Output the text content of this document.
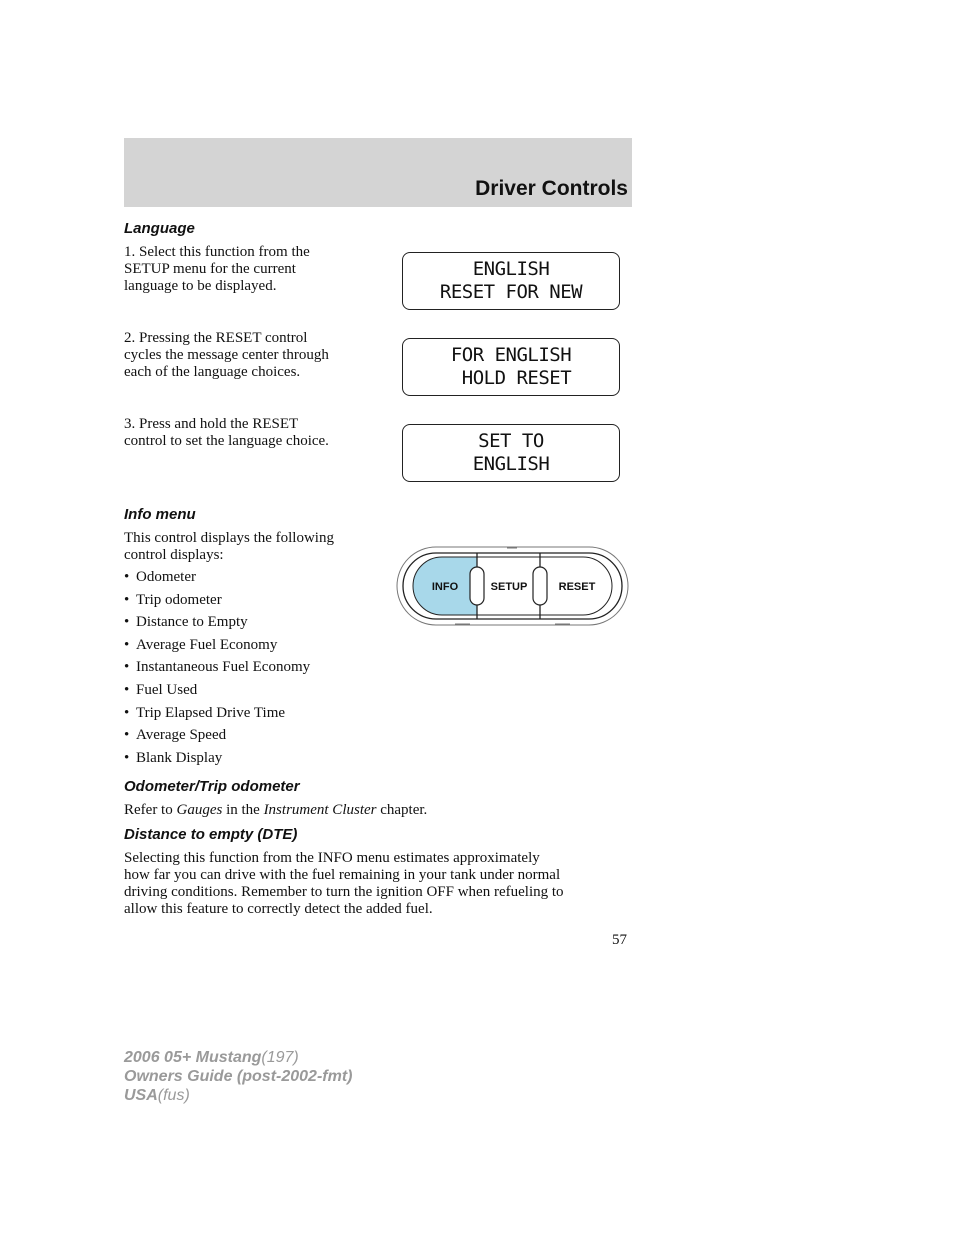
Driver Controls
Language
1. Select this function from the
SETUP menu for the current
language to be displayed.
ENGLISH
RESET FOR NEW
2. Pressing the RESET control
cycles the message center through
each of the language choices.
FOR ENGLISH
HOLD RESET
3. Press and hold the RESET
control to set the language choice.	SET TO
ENGLISH
Info menu
This control displays the following
control displays:
• Odometer
• Trip odometer
• Distance to Empty
• Average Fuel Economy
• Instantaneous Fuel Economy
• Fuel Used
• Trip Elapsed Drive Time
• Average Speed
• Blank Display
INFO	SETUP	RESET
Odometer/Trip odometer
Refer to Gauges in the Instrument Cluster chapter.
Distance to empty (DTE)
Selecting this function from the INFO menu estimates approximately
how far you can drive with the fuel remaining in your tank under normal
driving conditions. Remember to turn the ignition OFF when refueling to
allow this feature to correctly detect the added fuel.
57
2006 05+ Mustang(197)
Owners Guide (post-2002-fmt)
USA(fus)
